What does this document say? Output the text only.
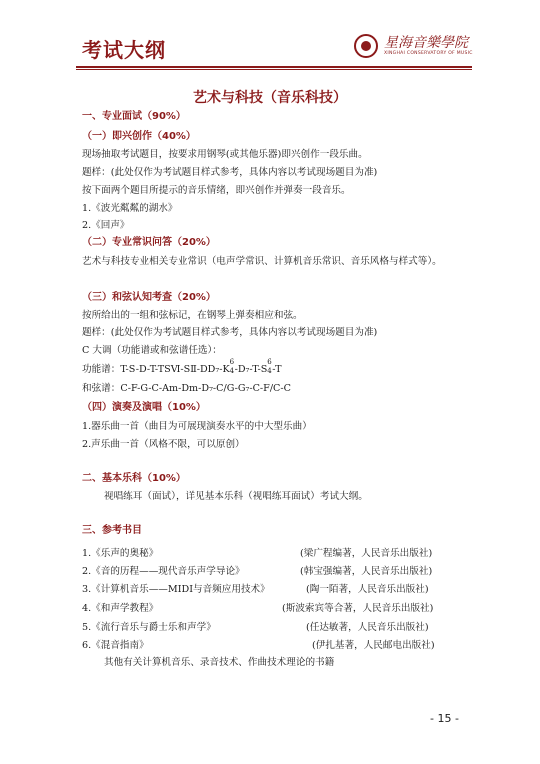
考试大纲	星海音樂學院
XINGHAI CONSERVATORY OF MUSIC
艺术与科技（音乐科技）
一、专业面试（90%）
（一）即兴创作（40%）
现场抽取考试题目，按要求用钢琴(或其他乐器)即兴创作一段乐曲。
题样：(此处仅作为考试题目样式参考，具体内容以考试现场题目为准)
按下面两个题目所提示的音乐情绪，即兴创作并弹奏一段音乐。
1.《波光粼粼的湖水》
2.《回声》
（二）专业常识问答（20%）
艺术与科技专业相关专业常识（电声学常识、计算机音乐常识、音乐风格与样式等）。
（三）和弦认知考查（20%）
按所给出的一组和弦标记，在钢琴上弹奏相应和弦。
题样：(此处仅作为考试题目样式参考，具体内容以考试现场题目为准)
C 大调（功能谱或和弦谱任选）：
功能谱：T-S-D-T-TSⅥ-SⅡ-DD₇-K
6
4 -D₇-T-S
6
4 -T
和弦谱：C-F-G-C-Am-Dm-D₇-C/G-G₇-C-F/C-C
（四）演奏及演唱（10%）
1.器乐曲一首（曲目为可展现演奏水平的中大型乐曲）
2.声乐曲一首（风格不限，可以原创）
二、基本乐科（10%）
视唱练耳（面试），详见基本乐科（视唱练耳面试）考试大纲。
三、参考书目
1.《乐声的奥秘》	(梁广程编著，人民音乐出版社)
2.《音的历程——现代音乐声学导论》	(韩宝强编著，人民音乐出版社)
3.《计算机音乐——MIDI与音频应用技术》	(陶一陌著，人民音乐出版社)
4.《和声学教程》	(斯波索宾等合著，人民音乐出版社)
5.《流行音乐与爵士乐和声学》	(任达敏著，人民音乐出版社)
6.《混音指南》	(伊扎基著，人民邮电出版社)
其他有关计算机音乐、录音技术、作曲技术理论的书籍
- 15 -
